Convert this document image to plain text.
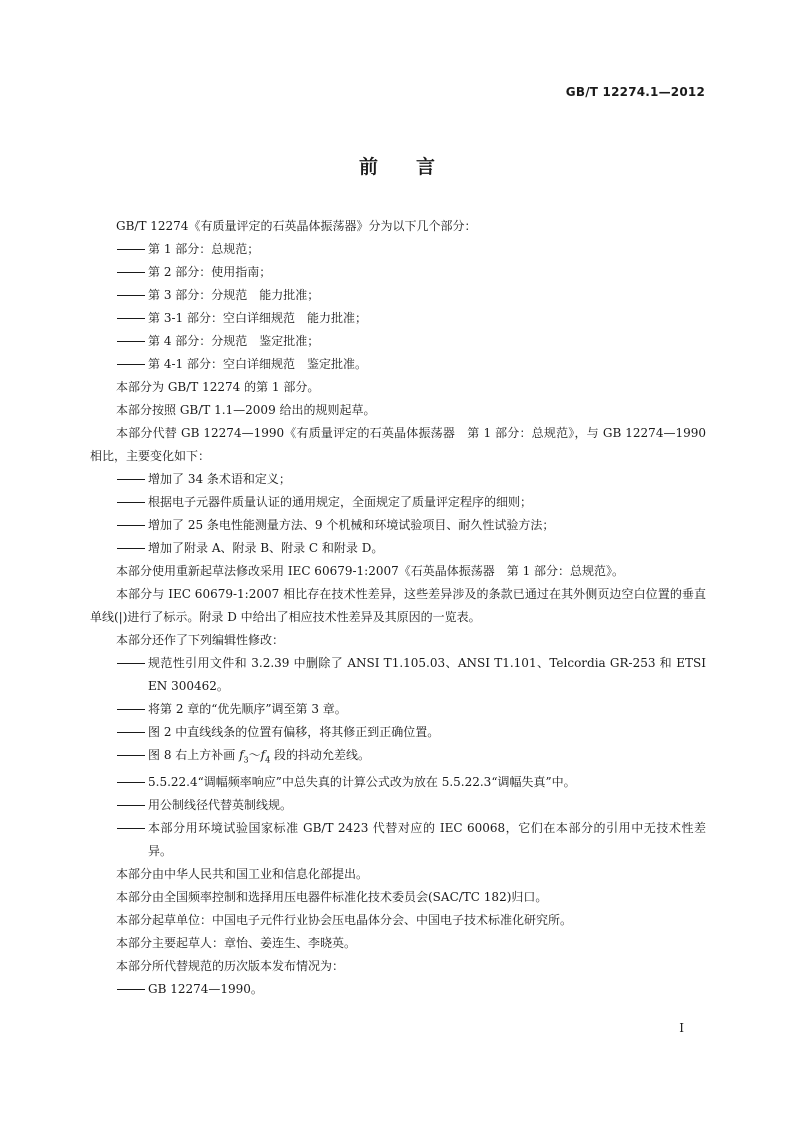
GB/T 12274.1—2012
前言
GB/T 12274《有质量评定的石英晶体振荡器》分为以下几个部分：
第 1 部分：总规范；
第 2 部分：使用指南；
第 3 部分：分规范　能力批准；
第 3-1 部分：空白详细规范　能力批准；
第 4 部分：分规范　鉴定批准；
第 4-1 部分：空白详细规范　鉴定批准。
本部分为 GB/T 12274 的第 1 部分。
本部分按照 GB/T 1.1—2009 给出的规则起草。
本部分代替 GB 12274—1990《有质量评定的石英晶体振荡器　第 1 部分：总规范》，与 GB 12274—1990 相比，主要变化如下：
增加了 34 条术语和定义；
根据电子元器件质量认证的通用规定，全面规定了质量评定程序的细则；
增加了 25 条电性能测量方法、9 个机械和环境试验项目、耐久性试验方法；
增加了附录 A、附录 B、附录 C 和附录 D。
本部分使用重新起草法修改采用 IEC 60679-1:2007《石英晶体振荡器　第 1 部分：总规范》。
本部分与 IEC 60679-1:2007 相比存在技术性差异，这些差异涉及的条款已通过在其外侧页边空白位置的垂直单线(|)进行了标示。附录 D 中给出了相应技术性差异及其原因的一览表。
本部分还作了下列编辑性修改：
规范性引用文件和 3.2.39 中删除了 ANSI T1.105.03、ANSI T1.101、Telcordia GR-253 和 ETSI EN 300462。
将第 2 章的“优先顺序”调至第 3 章。
图 2 中直线线条的位置有偏移，将其修正到正确位置。
图 8 右上方补画 $f_3\sim f_4$ 段的抖动允差线。
5.5.22.4“调幅频率响应”中总失真的计算公式改为放在 5.5.22.3“调幅失真”中。
用公制线径代替英制线规。
本部分用环境试验国家标准 GB/T 2423 代替对应的 IEC 60068，它们在本部分的引用中无技术性差异。
本部分由中华人民共和国工业和信息化部提出。
本部分由全国频率控制和选择用压电器件标准化技术委员会(SAC/TC 182)归口。
本部分起草单位：中国电子元件行业协会压电晶体分会、中国电子技术标准化研究所。
本部分主要起草人：章怡、姜连生、李晓英。
本部分所代替规范的历次版本发布情况为：
GB 12274—1990。
I
